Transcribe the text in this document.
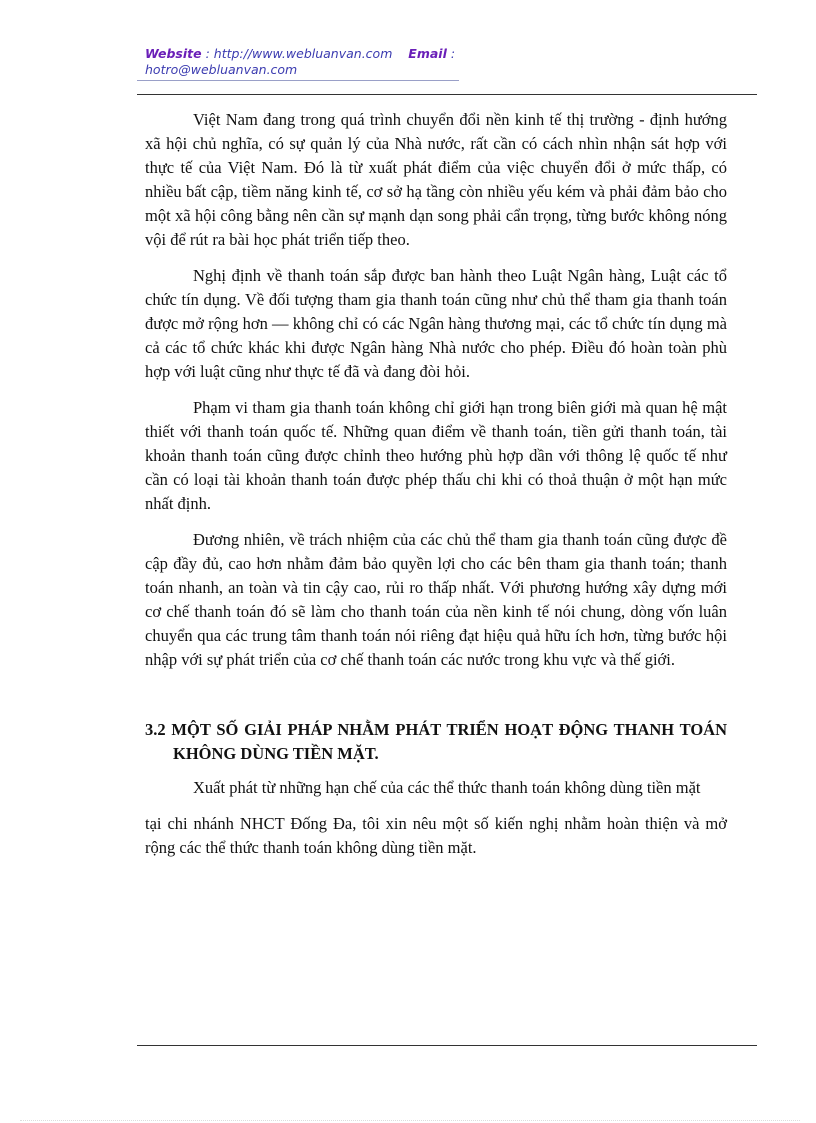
Website : http://www.webluanvan.com Email :
hotro@webluanvan.com

Việt Nam đang trong quá trình chuyển đổi nền kinh tế thị trường - định hướng xã hội chủ nghĩa, có sự quản lý của Nhà nước, rất cần có cách nhìn nhận sát hợp với thực tế của Việt Nam. Đó là từ xuất phát điểm của việc chuyển đổi ở mức thấp, có nhiều bất cập, tiềm năng kinh tế, cơ sở hạ tầng còn nhiều yếu kém và phải đảm bảo cho một xã hội công bằng nên cần sự mạnh dạn song phải cẩn trọng, từng bước không nóng vội để rút ra bài học phát triển tiếp theo.

Nghị định về thanh toán sắp được ban hành theo Luật Ngân hàng, Luật các tổ chức tín dụng. Về đối tượng tham gia thanh toán cũng như chủ thể tham gia thanh toán được mở rộng hơn — không chỉ có các Ngân hàng thương mại, các tổ chức tín dụng mà cả các tổ chức khác khi được Ngân hàng Nhà nước cho phép. Điều đó hoàn toàn phù hợp với luật cũng như thực tế đã và đang đòi hỏi.

Phạm vi tham gia thanh toán không chỉ giới hạn trong biên giới mà quan hệ mật thiết với thanh toán quốc tế. Những quan điểm về thanh toán, tiền gửi thanh toán, tài khoản thanh toán cũng được chỉnh theo hướng phù hợp dần với thông lệ quốc tế như cần có loại tài khoản thanh toán được phép thấu chi khi có thoả thuận ở một hạn mức nhất định.

Đương nhiên, về trách nhiệm của các chủ thể tham gia thanh toán cũng được đề cập đầy đủ, cao hơn nhằm đảm bảo quyền lợi cho các bên tham gia thanh toán; thanh toán nhanh, an toàn và tin cậy cao, rủi ro thấp nhất. Với phương hướng xây dựng mới cơ chế thanh toán đó sẽ làm cho thanh toán của nền kinh tế nói chung, dòng vốn luân chuyển qua các trung tâm thanh toán nói riêng đạt hiệu quả hữu ích hơn, từng bước hội nhập với sự phát triển của cơ chế thanh toán các nước trong khu vực và thế giới.

3.2 MỘT SỐ GIẢI PHÁP NHẰM PHÁT TRIỂN HOẠT ĐỘNG THANH TOÁN KHÔNG DÙNG TIỀN MẶT.

Xuất phát từ những hạn chế của các thể thức thanh toán không dùng tiền mặt

tại chi nhánh NHCT Đống Đa, tôi xin nêu một số kiến nghị nhằm hoàn thiện và mở rộng các thể thức thanh toán không dùng tiền mặt.
